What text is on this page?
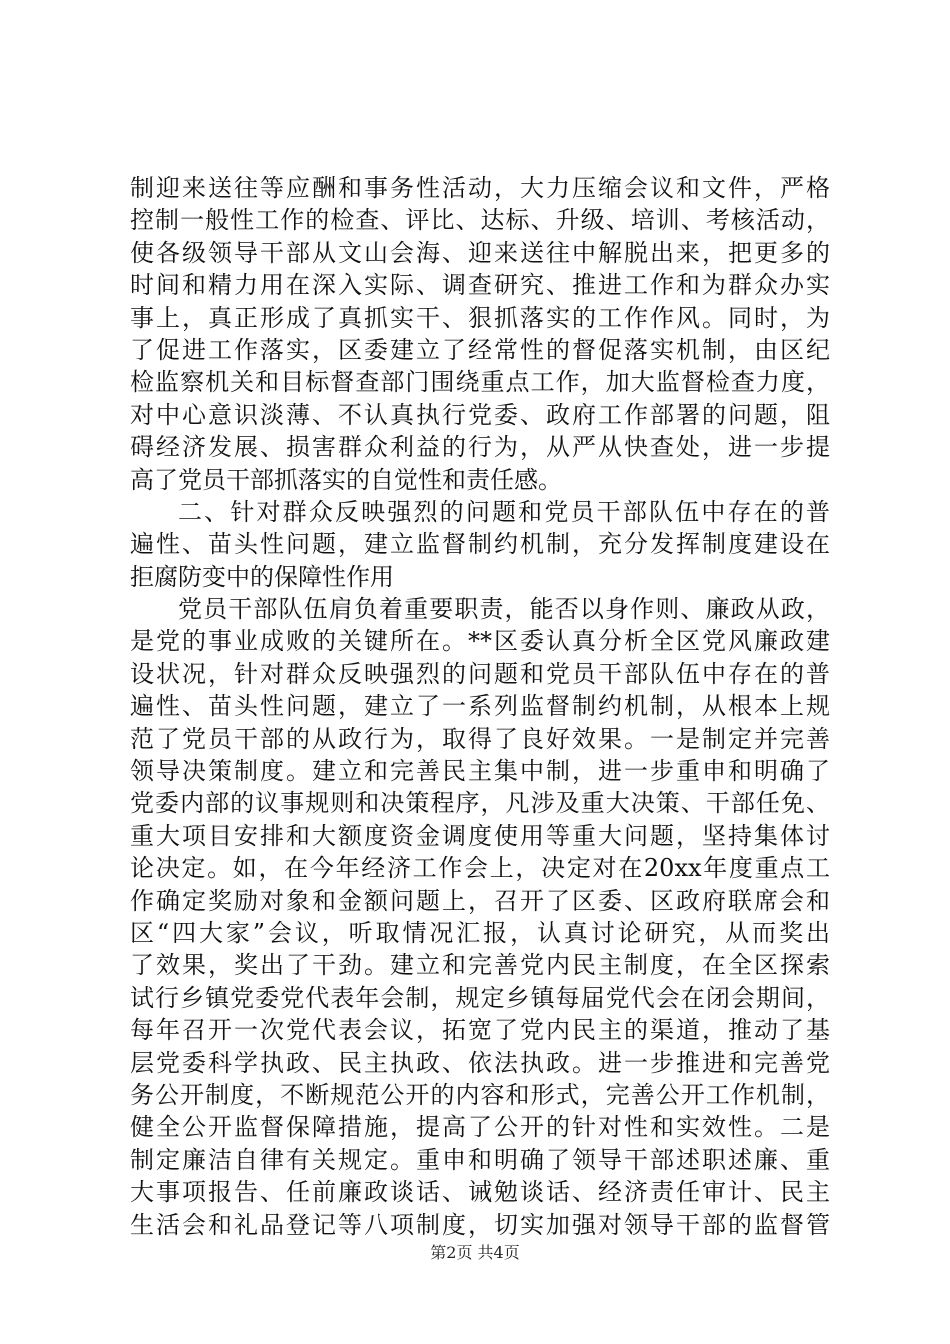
制迎来送往等应酬和事务性活动，大力压缩会议和文件，严格
控制一般性工作的检查、评比、达标、升级、培训、考核活动，
使各级领导干部从文山会海、迎来送往中解脱出来，把更多的
时间和精力用在深入实际、调查研究、推进工作和为群众办实
事上，真正形成了真抓实干、狠抓落实的工作作风。同时，为
了促进工作落实，区委建立了经常性的督促落实机制，由区纪
检监察机关和目标督查部门围绕重点工作，加大监督检查力度，
对中心意识淡薄、不认真执行党委、政府工作部署的问题，阻
碍经济发展、损害群众利益的行为，从严从快查处，进一步提
高了党员干部抓落实的自觉性和责任感。
二、针对群众反映强烈的问题和党员干部队伍中存在的普
遍性、苗头性问题，建立监督制约机制，充分发挥制度建设在
拒腐防变中的保障性作用
党员干部队伍肩负着重要职责，能否以身作则、廉政从政，
是党的事业成败的关键所在。**区委认真分析全区党风廉政建
设状况，针对群众反映强烈的问题和党员干部队伍中存在的普
遍性、苗头性问题，建立了一系列监督制约机制，从根本上规
范了党员干部的从政行为，取得了良好效果。一是制定并完善
领导决策制度。建立和完善民主集中制，进一步重申和明确了
党委内部的议事规则和决策程序，凡涉及重大决策、干部任免、
重大项目安排和大额度资金调度使用等重大问题，坚持集体讨
论决定。如，在今年经济工作会上，决定对在20xx年度重点工
作确定奖励对象和金额问题上，召开了区委、区政府联席会和
区“四大家”会议，听取情况汇报，认真讨论研究，从而奖出
了效果，奖出了干劲。建立和完善党内民主制度，在全区探索
试行乡镇党委党代表年会制，规定乡镇每届党代会在闭会期间，
每年召开一次党代表会议，拓宽了党内民主的渠道，推动了基
层党委科学执政、民主执政、依法执政。进一步推进和完善党
务公开制度，不断规范公开的内容和形式，完善公开工作机制，
健全公开监督保障措施，提高了公开的针对性和实效性。二是
制定廉洁自律有关规定。重申和明确了领导干部述职述廉、重
大事项报告、任前廉政谈话、诫勉谈话、经济责任审计、民主
生活会和礼品登记等八项制度，切实加强对领导干部的监督管
第2页 共4页
